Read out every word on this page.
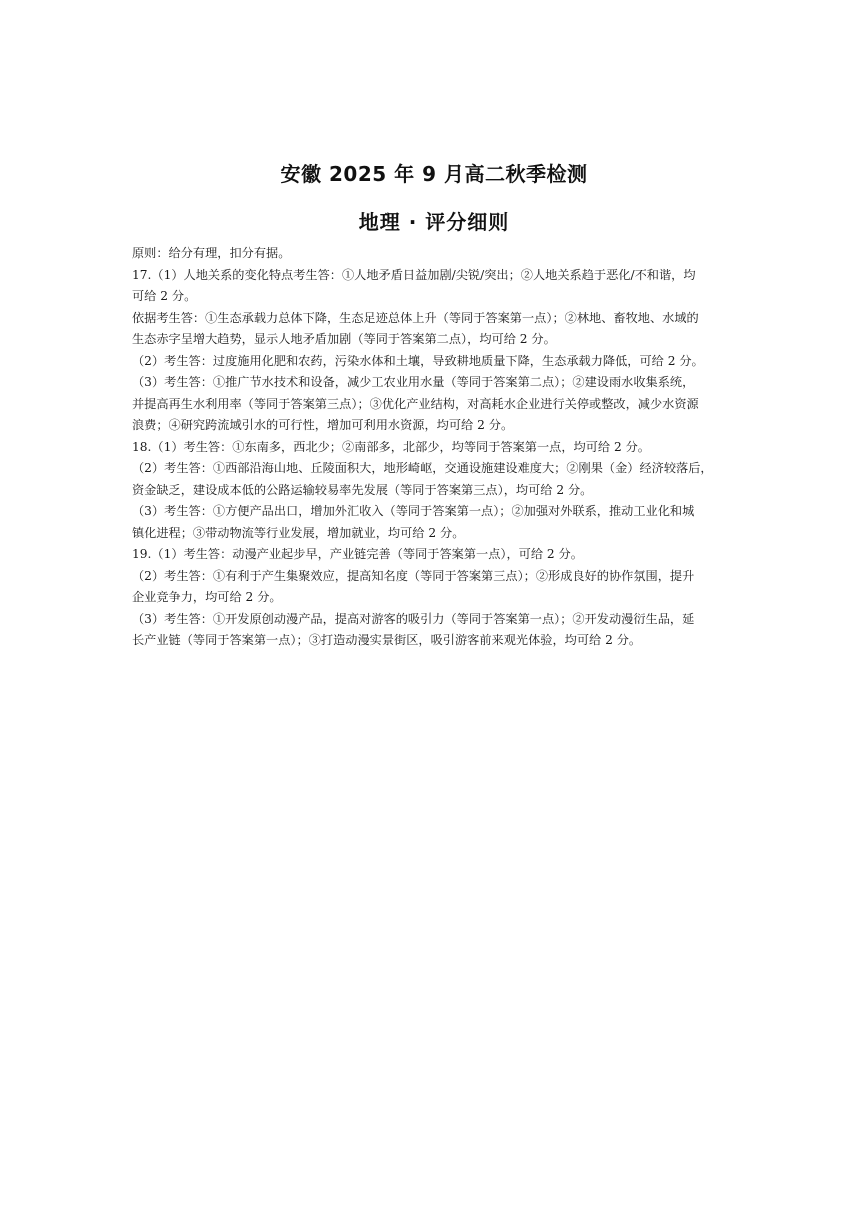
安徽 2025 年 9 月高二秋季检测
地理 · 评分细则
原则：给分有理，扣分有据。
17.（1）人地关系的变化特点考生答：①人地矛盾日益加剧/尖锐/突出；②人地关系趋于恶化/不和谐，均
可给 2 分。
依据考生答：①生态承载力总体下降，生态足迹总体上升（等同于答案第一点）；②林地、畜牧地、水域的
生态赤字呈增大趋势，显示人地矛盾加剧（等同于答案第二点），均可给 2 分。
（2）考生答：过度施用化肥和农药，污染水体和土壤，导致耕地质量下降，生态承载力降低，可给 2 分。
（3）考生答：①推广节水技术和设备，减少工农业用水量（等同于答案第二点）；②建设雨水收集系统，
并提高再生水利用率（等同于答案第三点）；③优化产业结构，对高耗水企业进行关停或整改，减少水资源
浪费；④研究跨流域引水的可行性，增加可利用水资源，均可给 2 分。
18.（1）考生答：①东南多，西北少；②南部多，北部少，均等同于答案第一点，均可给 2 分。
（2）考生答：①西部沿海山地、丘陵面积大，地形崎岖，交通设施建设难度大；②刚果（金）经济较落后，
资金缺乏，建设成本低的公路运输较易率先发展（等同于答案第三点），均可给 2 分。
（3）考生答：①方便产品出口，增加外汇收入（等同于答案第一点）；②加强对外联系，推动工业化和城
镇化进程；③带动物流等行业发展，增加就业，均可给 2 分。
19.（1）考生答：动漫产业起步早，产业链完善（等同于答案第一点），可给 2 分。
（2）考生答：①有利于产生集聚效应，提高知名度（等同于答案第三点）；②形成良好的协作氛围，提升
企业竞争力，均可给 2 分。
（3）考生答：①开发原创动漫产品，提高对游客的吸引力（等同于答案第一点）；②开发动漫衍生品，延
长产业链（等同于答案第一点）；③打造动漫实景街区，吸引游客前来观光体验，均可给 2 分。
